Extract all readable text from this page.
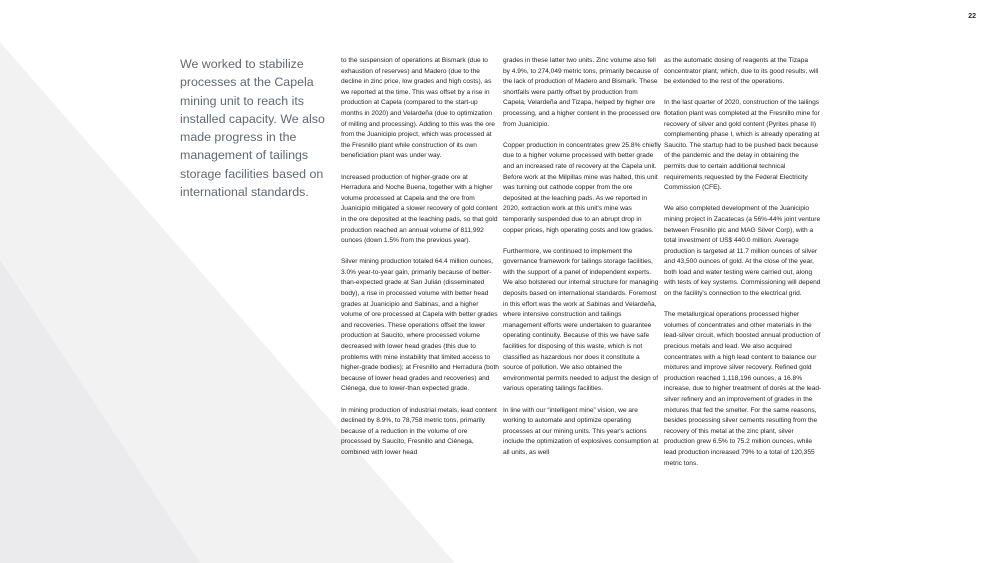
22

We worked to stabilize processes at the Capela mining unit to reach its installed capacity. We also made progress in the management of tailings storage facilities based on international standards.

to the suspension of operations at Bismark (due to exhaustion of reserves) and Madero (due to the decline in zinc price, low grades and high costs), as we reported at the time. This was offset by a rise in production at Capela (compared to the start-up months in 2020) and Velardeña (due to optimization of milling and processing). Adding to this was the ore from the Juanicipio project, which was processed at the Fresnillo plant while construction of its own beneficiation plant was under way.

Increased production of higher-grade ore at Herradura and Noche Buena, together with a higher volume processed at Capela and the ore from Juanicipio mitigated a slower recovery of gold content in the ore deposited at the leaching pads, so that gold production reached an annual volume of 811,992 ounces (down 1.5% from the previous year).

Silver mining production totaled 64.4 million ounces, 3.0% year-to-year gain, primarily because of better-than-expected grade at San Julián (disseminated body), a rise in processed volume with better head grades at Juanicipio and Sabinas, and a higher volume of ore processed at Capela with better grades and recoveries. These operations offset the lower production at Saucito, where processed volume decreased with lower head grades (this due to problems with mine instability that limited access to higher-grade bodies); at Fresnillo and Herradura (both because of lower head grades and recoveries) and Ciénega, due to lower-than expected grade.

In mining production of industrial metals, lead content declined by 8.9%, to 78,758 metric tons, primarily because of a reduction in the volume of ore processed by Saucito, Fresnillo and Ciénega, combined with lower head

grades in these latter two units. Zinc volume also fell by 4.9%, to 274,049 metric tons, primarily because of the lack of production of Madero and Bismark. These shortfalls were partly offset by production from Capela, Velardeña and Tizapa, helped by higher ore processing, and a higher content in the processed ore from Juanicipio.

Copper production in concentrates grew 25.8% chiefly due to a higher volume processed with better grade and an increased rate of recovery at the Capela unit. Before work at the Milpillas mine was halted, this unit was turning out cathode copper from the ore deposited at the leaching pads. As we reported in 2020, extraction work at this unit's mine was temporarily suspended due to an abrupt drop in copper prices, high operating costs and low grades.

Furthermore, we continued to implement the governance framework for tailings storage facilities, with the support of a panel of independent experts. We also bolstered our internal structure for managing deposits based on international standards. Foremost in this effort was the work at Sabinas and Velardeña, where intensive construction and tailings management efforts were undertaken to guarantee operating continuity. Because of this we have safe facilities for disposing of this waste, which is not classified as hazardous nor does it constitute a source of pollution. We also obtained the environmental permits needed to adjust the design of various operating tailings facilities.

In line with our “intelligent mine” vision, we are working to automate and optimize operating processes at our mining units. This year's actions include the optimization of explosives consumption at all units, as well

as the automatic dosing of reagents at the Tizapa concentrator plant, which, due to its good results, will be extended to the rest of the operations.

In the last quarter of 2020, construction of the tailings flotation plant was completed at the Fresnillo mine for recovery of silver and gold content (Pyrites phase II) complementing phase I, which is already operating at Saucito. The startup had to be pushed back because of the pandemic and the delay in obtaining the permits due to certain additional technical requirements requested by the Federal Electricity Commission (CFE).

We also completed development of the Juanicipio mining project in Zacatecas (a 56%-44% joint venture between Fresnillo plc and MAG Silver Corp), with a total investment of US$ 440.0 million. Average production is targeted at 11.7 million ounces of silver and 43,500 ounces of gold. At the close of the year, both load and water testing were carried out, along with tests of key systems. Commissioning will depend on the facility's connection to the electrical grid.

The metallurgical operations processed higher volumes of concentrates and other materials in the lead-silver circuit, which boosted annual production of precious metals and lead. We also acquired concentrates with a high lead content to balance our mixtures and improve silver recovery. Refined gold production reached 1,118,196 ounces, a 16.8% increase, due to higher treatment of dorés at the lead-silver refinery and an improvement of grades in the mixtures that fed the smelter. For the same reasons, besides processing silver cements resulting from the recovery of this metal at the zinc plant, silver production grew 6.5% to 75.2 million ounces, while lead production increased 79% to a total of 120,355 metric tons.
